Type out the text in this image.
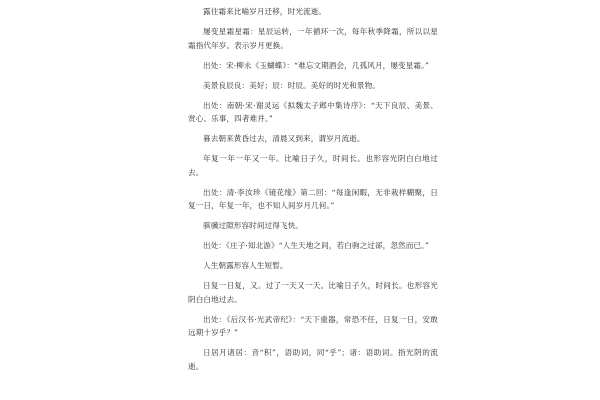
露往霜来比喻岁月迁移，时光流逝。

屡变星霜星霜：星辰运转，一年循环一次，每年秋季降霜，所以以星霜指代年岁。表示岁月更换。

出处：宋·柳永《玉蝴蝶》：“难忘文期酒会，几孤风月，屡变星霜。”

美景良辰良：美好；辰：时辰。美好的时光和景物。

出处：南朝·宋·谢灵运《拟魏太子邺中集诗序》：“天下良辰、美景、赏心、乐事，四者难并。”

暮去朝来黄昏过去，清晨又到来，谓岁月流逝。

年复一年一年又一年。比喻日子久，时间长。也形容光阴白白地过去。

出处：清·李汝珍《镜花缘》第二回：“每逢闲暇，无非栽样糊聚，日复一日，年复一年，也不知人间岁月几何。”

骐骥过隙形容时间过得飞快。

出处：《庄子·知北游》“人生天地之间，若白驹之过郤，忽然而已。”

人生朝露形容人生短暂。

日复一日复，又。过了一天又一天。比喻日子久，时间长。也形容光阴白白地过去。

出处：《后汉书·光武帝纪》：“天下重器，常恐不任，日复一日，安敢远期十岁乎？”

日居月诸居：音“积”，语助词，同“乎”；诸：语助词。指光阴的流逝。
